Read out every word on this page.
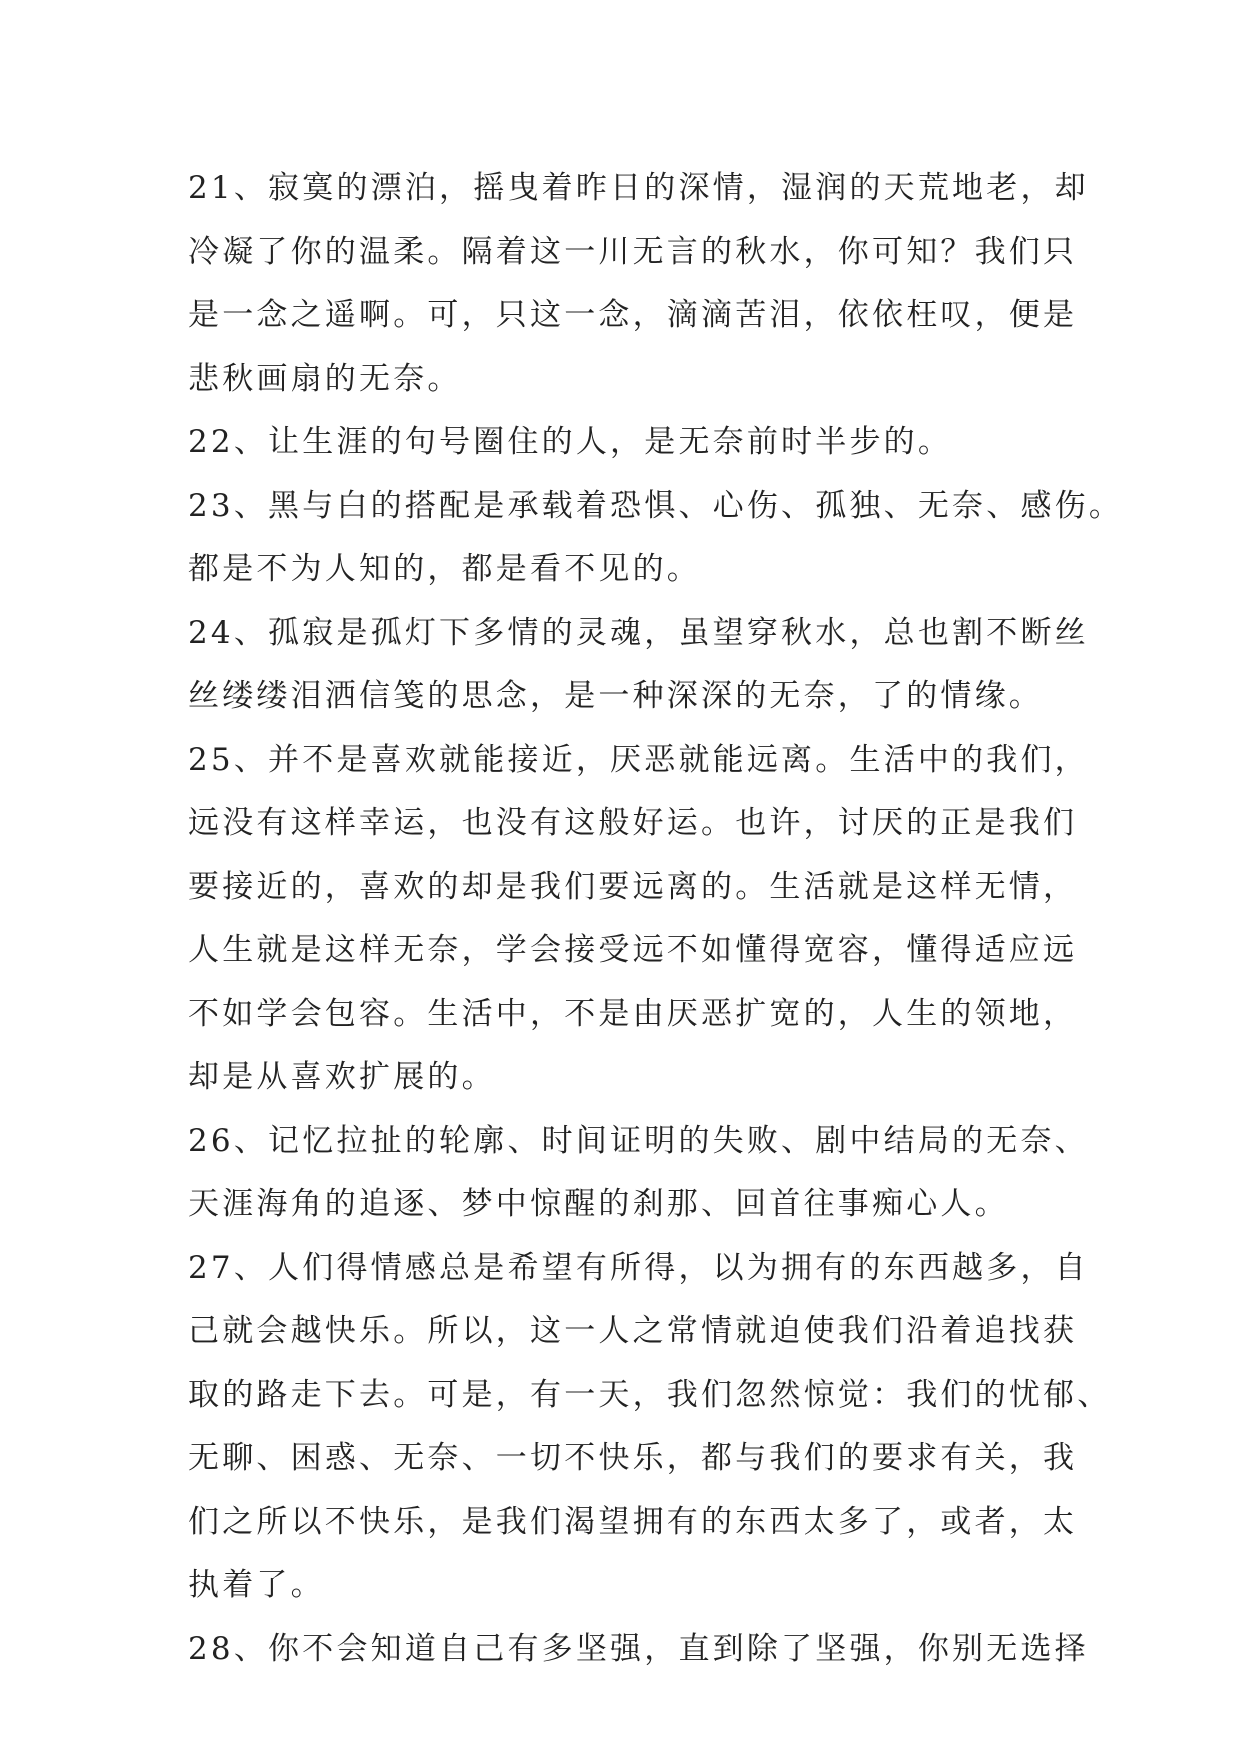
21、寂寞的漂泊，摇曳着昨日的深情，湿润的天荒地老，却
冷凝了你的温柔。隔着这一川无言的秋水，你可知？我们只
是一念之遥啊。可，只这一念，滴滴苦泪，依依枉叹，便是
悲秋画扇的无奈。
22、让生涯的句号圈住的人，是无奈前时半步的。
23、黑与白的搭配是承载着恐惧、心伤、孤独、无奈、感伤。
都是不为人知的，都是看不见的。
24、孤寂是孤灯下多情的灵魂，虽望穿秋水，总也割不断丝
丝缕缕泪洒信笺的思念，是一种深深的无奈，了的情缘。
25、并不是喜欢就能接近，厌恶就能远离。生活中的我们，
远没有这样幸运，也没有这般好运。也许，讨厌的正是我们
要接近的，喜欢的却是我们要远离的。生活就是这样无情，
人生就是这样无奈，学会接受远不如懂得宽容，懂得适应远
不如学会包容。生活中，不是由厌恶扩宽的，人生的领地，
却是从喜欢扩展的。
26、记忆拉扯的轮廓、时间证明的失败、剧中结局的无奈、
天涯海角的追逐、梦中惊醒的刹那、回首往事痴心人。
27、人们得情感总是希望有所得，以为拥有的东西越多，自
己就会越快乐。所以，这一人之常情就迫使我们沿着追找获
取的路走下去。可是，有一天，我们忽然惊觉：我们的忧郁、
无聊、困惑、无奈、一切不快乐，都与我们的要求有关，我
们之所以不快乐，是我们渴望拥有的东西太多了，或者，太
执着了。
28、你不会知道自己有多坚强，直到除了坚强，你别无选择
